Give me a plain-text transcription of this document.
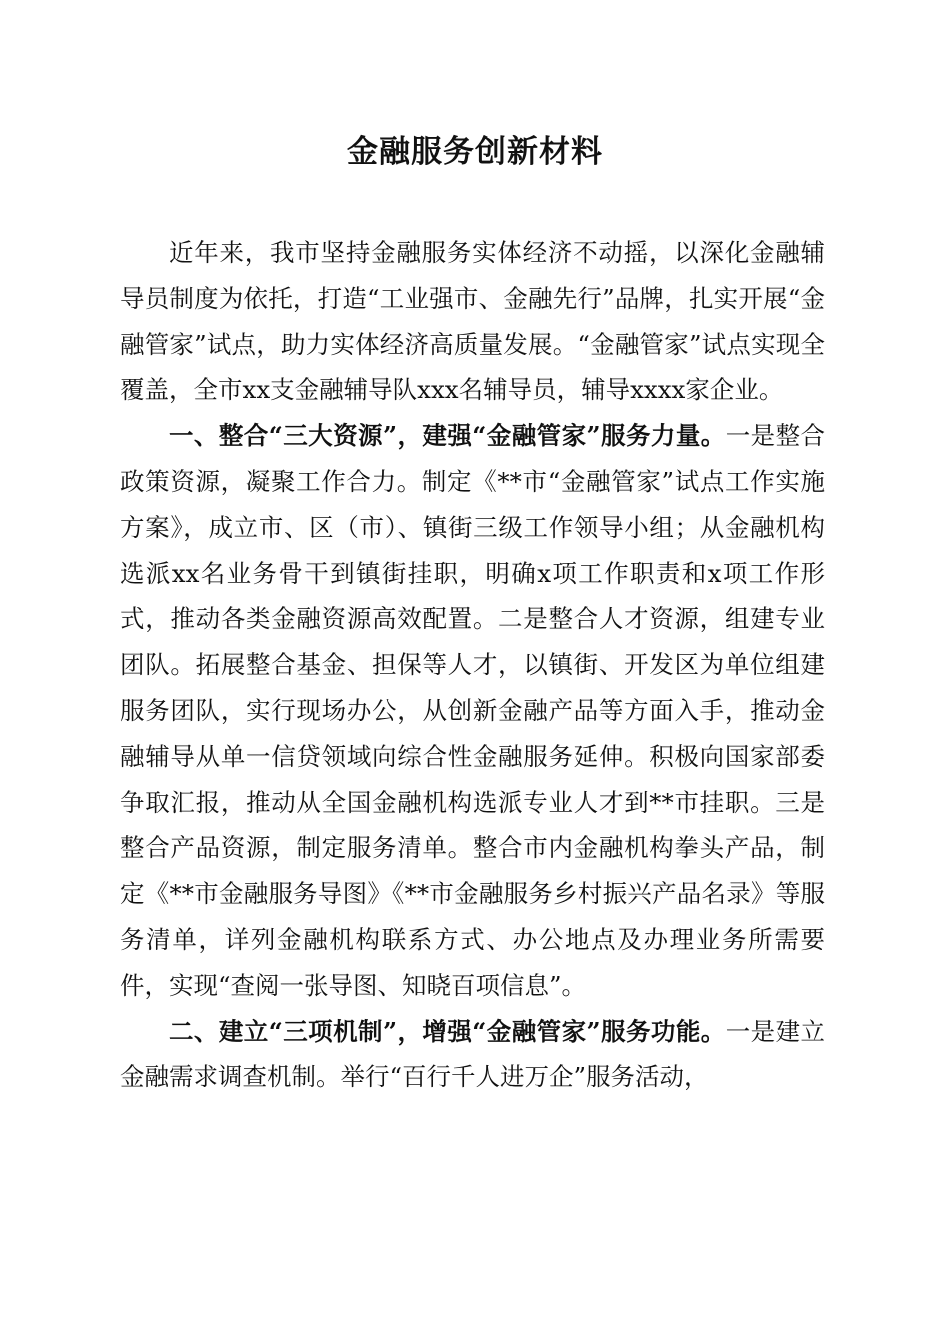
金融服务创新材料

近年来，我市坚持金融服务实体经济不动摇，以深化金融辅导员制度为依托，打造“工业强市、金融先行”品牌，扎实开展“金融管家”试点，助力实体经济高质量发展。“金融管家”试点实现全覆盖，全市xx支金融辅导队xxx名辅导员，辅导xxxx家企业。

一、整合“三大资源”，建强“金融管家”服务力量。一是整合政策资源，凝聚工作合力。制定《**市“金融管家”试点工作实施方案》，成立市、区（市）、镇街三级工作领导小组；从金融机构选派xx名业务骨干到镇街挂职，明确x项工作职责和x项工作形式，推动各类金融资源高效配置。二是整合人才资源，组建专业团队。拓展整合基金、担保等人才，以镇街、开发区为单位组建服务团队，实行现场办公，从创新金融产品等方面入手，推动金融辅导从单一信贷领域向综合性金融服务延伸。积极向国家部委争取汇报，推动从全国金融机构选派专业人才到**市挂职。三是整合产品资源，制定服务清单。整合市内金融机构拳头产品，制定《**市金融服务导图》《**市金融服务乡村振兴产品名录》等服务清单，详列金融机构联系方式、办公地点及办理业务所需要件，实现“查阅一张导图、知晓百项信息”。

二、建立“三项机制”，增强“金融管家”服务功能。一是建立金融需求调查机制。举行“百行千人进万企”服务活动，
